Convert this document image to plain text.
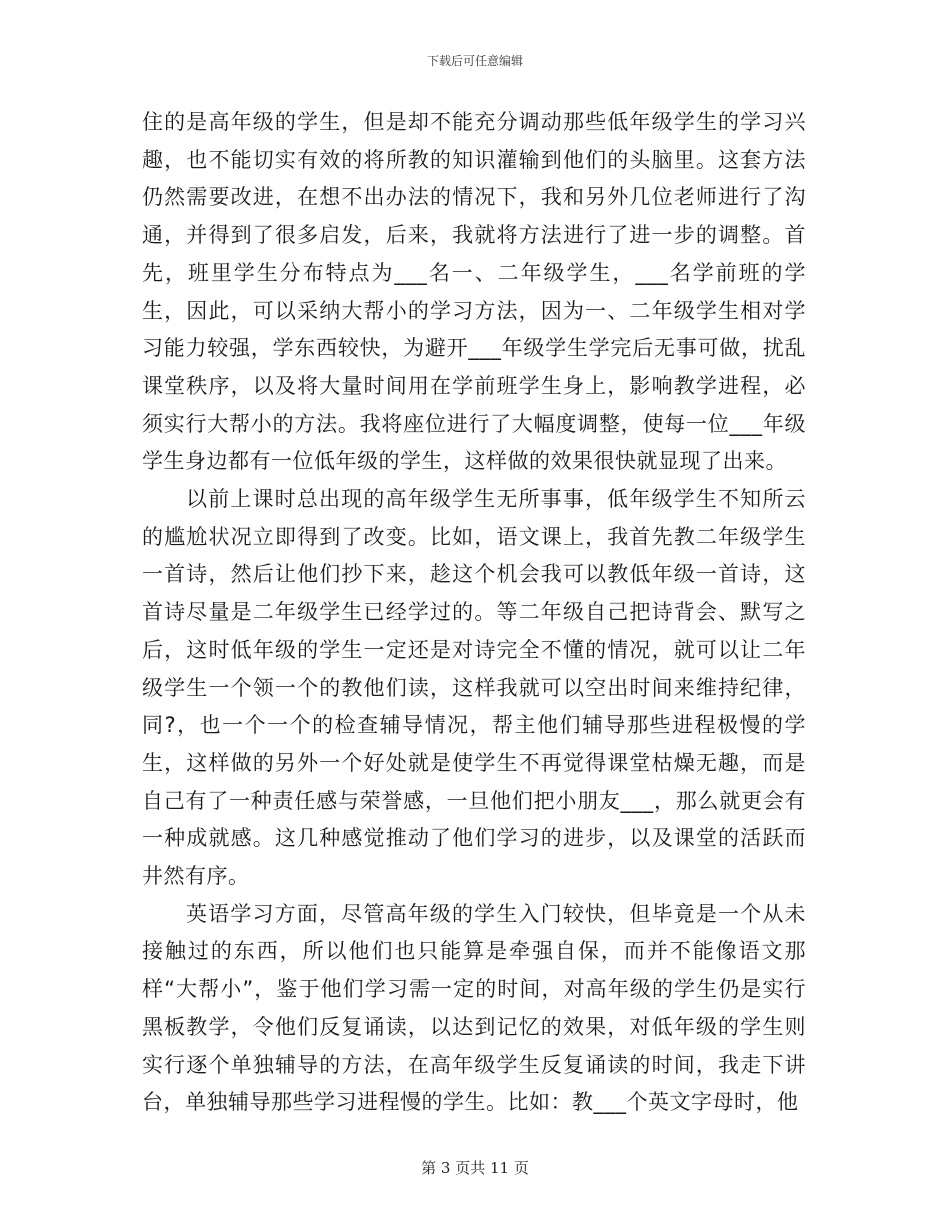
下载后可任意编辑

住的是高年级的学生，但是却不能充分调动那些低年级学生的学习兴趣，也不能切实有效的将所教的知识灌输到他们的头脑里。这套方法仍然需要改进，在想不出办法的情况下，我和另外几位老师进行了沟通，并得到了很多启发，后来，我就将方法进行了进一步的调整。首先，班里学生分布特点为___名一、二年级学生，___名学前班的学生，因此，可以采纳大帮小的学习方法，因为一、二年级学生相对学习能力较强，学东西较快，为避开___年级学生学完后无事可做，扰乱课堂秩序，以及将大量时间用在学前班学生身上，影响教学进程，必须实行大帮小的方法。我将座位进行了大幅度调整，使每一位___年级学生身边都有一位低年级的学生，这样做的效果很快就显现了出来。

以前上课时总出现的高年级学生无所事事，低年级学生不知所云的尴尬状况立即得到了改变。比如，语文课上，我首先教二年级学生一首诗，然后让他们抄下来，趁这个机会我可以教低年级一首诗，这首诗尽量是二年级学生已经学过的。等二年级自己把诗背会、默写之后，这时低年级的学生一定还是对诗完全不懂的情况，就可以让二年级学生一个领一个的教他们读，这样我就可以空出时间来维持纪律，同?，也一个一个的检查辅导情况，帮主他们辅导那些进程极慢的学生，这样做的另外一个好处就是使学生不再觉得课堂枯燥无趣，而是自己有了一种责任感与荣誉感，一旦他们把小朋友___，那么就更会有一种成就感。这几种感觉推动了他们学习的进步，以及课堂的活跃而井然有序。

英语学习方面，尽管高年级的学生入门较快，但毕竟是一个从未接触过的东西，所以他们也只能算是牵强自保，而并不能像语文那样“大帮小”，鉴于他们学习需一定的时间，对高年级的学生仍是实行黑板教学，令他们反复诵读，以达到记忆的效果，对低年级的学生则实行逐个单独辅导的方法，在高年级学生反复诵读的时间，我走下讲台，单独辅导那些学习进程慢的学生。比如：教___个英文字母时，他

第 3 页共 11 页
